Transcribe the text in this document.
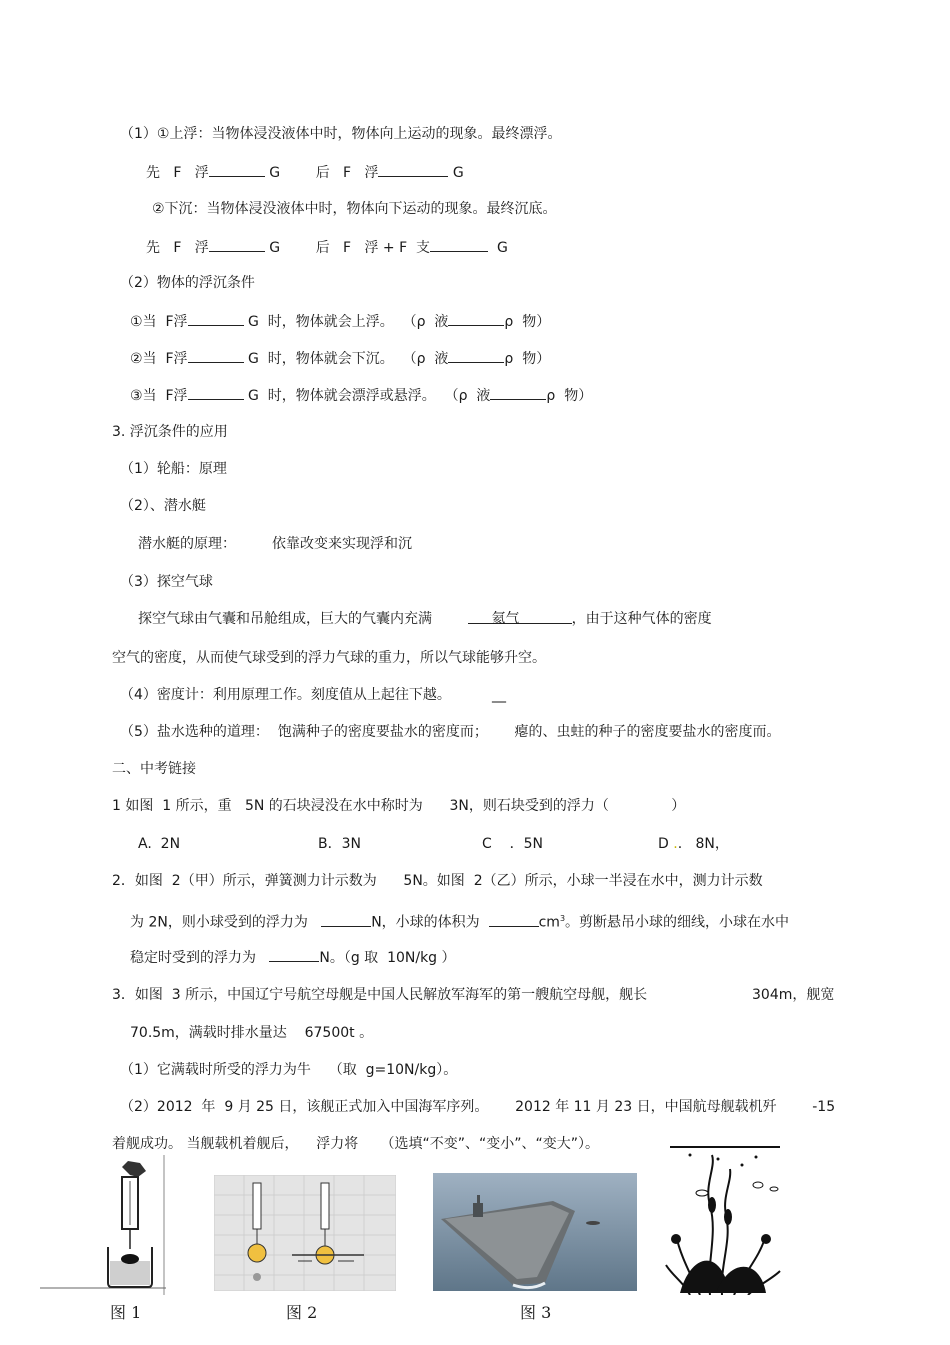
（1）①上浮：当物体浸没液体中时，物体向上运动的现象。最终漂浮。
先   F   浮	G	后   F   浮	G
②下沉：当物体浸没液体中时，物体向下运动的现象。最终沉底。
先   F   浮	G	后   F   浮 + F  支	G
（2）物体的浮沉条件
①当  F浮	G  时，物体就会上浮。  （ρ  液	ρ  物）
②当  F浮	G  时，物体就会下沉。  （ρ  液	ρ  物）
③当  F浮	G  时，物体就会漂浮或悬浮。  （ρ  液	ρ  物）
3. 浮沉条件的应用
（1）轮船：原理
（2）、潜水艇
潜水艇的原理：	依靠改变来实现浮和沉
（3）探空气球
探空气球由气囊和吊舱组成，巨大的气囊内充满	氦气	，由于这种气体的密度
空气的密度，从而使气球受到的浮力气球的重力，所以气球能够升空。
（4）密度计：利用原理工作。刻度值从上起往下越。	__
（5）盐水选种的道理： 饱满种子的密度要盐水的密度而； 瘪的、虫蛀的种子的密度要盐水的密度而。
二、中考链接
1 如图  1 所示，重   5N 的石块浸没在水中称时为 3N，则石块受到的浮力（	）
A.  2N	B．3N	C    ．5N	D ..   8N，
2．如图  2（甲）所示，弹簧测力计示数为 5N。如图  2（乙）所示，小球一半浸在水中，测力计示数
为 2N，则小球受到的浮力为	N，小球的体积为	$cm^3$。剪断悬吊小球的细线，小球在水中
稳定时受到的浮力为	N。（g 取  10N/kg ）
3．如图  3 所示，中国辽宁号航空母舰是中国人民解放军海军的第一艘航空母舰，舰长	304m，舰宽
70.5m，满载时排水量达    67500t 。
（1）它满载时所受的浮力为牛    （取  g=10N/kg）。
（2）2012  年  9 月 25 日，该舰正式加入中国海军序列。 2012 年 11 月 23 日，中国航母舰载机歼	-15
着舰成功。 当舰载机着舰后，    浮力将     （选填“不变”、“变小”、“变大”）。
图 1	图 2	图 3
